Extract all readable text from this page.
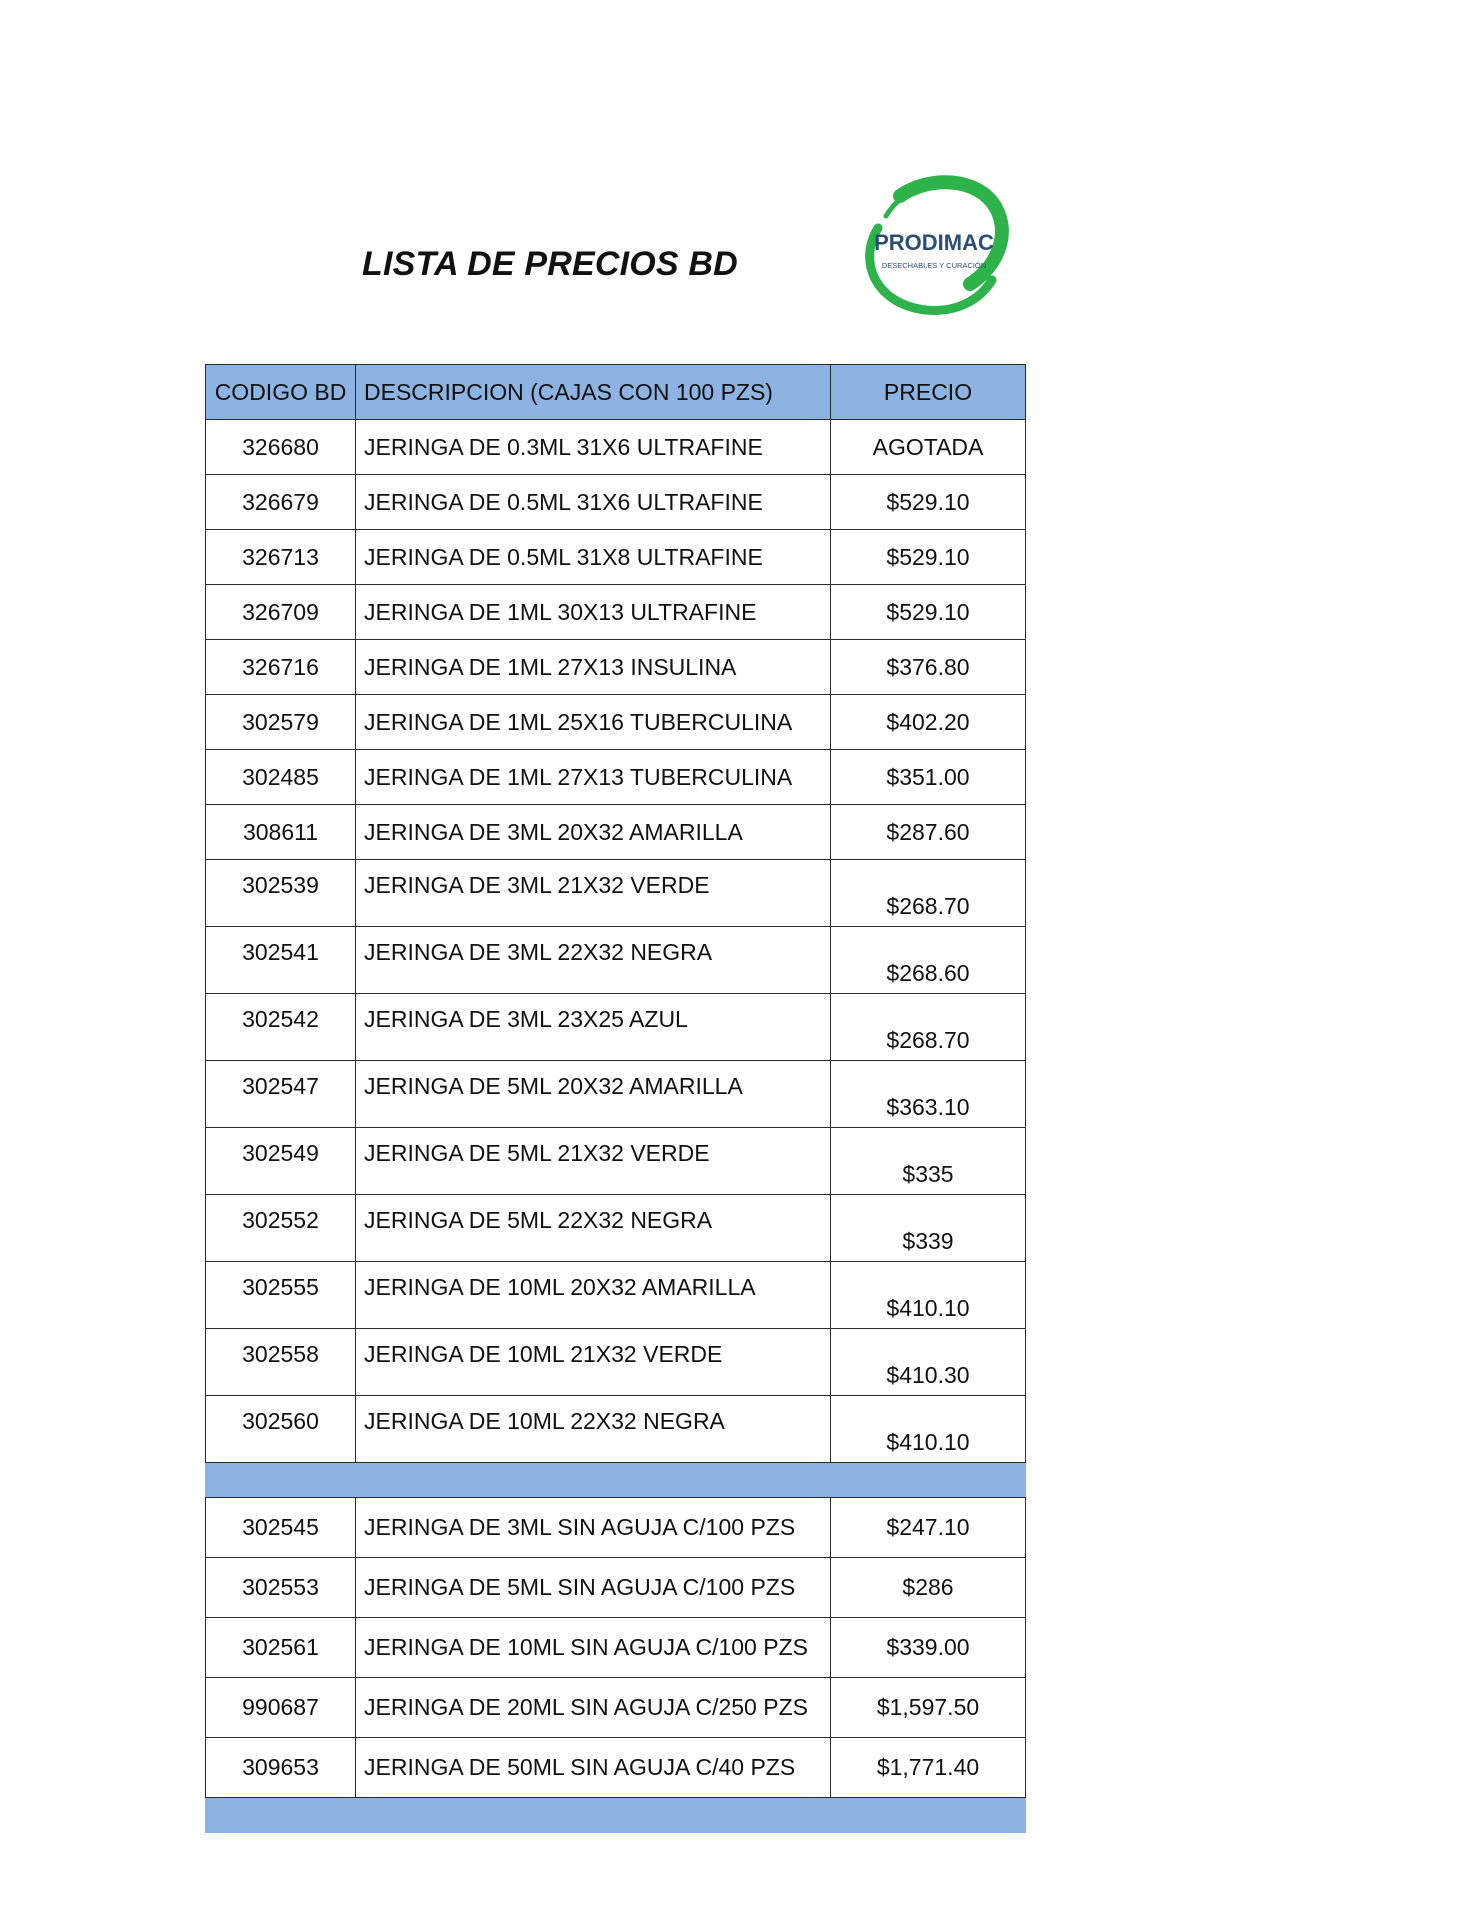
LISTA DE PRECIOS BD
PRODIMAC
DESECHABLES Y CURACIÓN
CODIGO BD	DESCRIPCION (CAJAS CON 100 PZS)	PRECIO
326680	JERINGA DE 0.3ML 31X6 ULTRAFINE	AGOTADA
326679	JERINGA DE 0.5ML 31X6 ULTRAFINE	$529.10
326713	JERINGA DE 0.5ML 31X8 ULTRAFINE	$529.10
326709	JERINGA DE 1ML 30X13 ULTRAFINE	$529.10
326716	JERINGA DE 1ML 27X13 INSULINA	$376.80
302579	JERINGA DE 1ML 25X16 TUBERCULINA	$402.20
302485	JERINGA DE 1ML 27X13 TUBERCULINA	$351.00
308611	JERINGA DE 3ML 20X32 AMARILLA	$287.60
302539	JERINGA DE 3ML 21X32 VERDE	$268.70
302541	JERINGA DE 3ML 22X32 NEGRA	$268.60
302542	JERINGA DE 3ML 23X25 AZUL	$268.70
302547	JERINGA DE 5ML 20X32 AMARILLA	$363.10
302549	JERINGA DE 5ML 21X32 VERDE	$335
302552	JERINGA DE 5ML 22X32 NEGRA	$339
302555	JERINGA DE 10ML 20X32 AMARILLA	$410.10
302558	JERINGA DE 10ML 21X32 VERDE	$410.30
302560	JERINGA DE 10ML 22X32 NEGRA	$410.10

302545	JERINGA DE 3ML SIN AGUJA C/100 PZS	$247.10
302553	JERINGA DE 5ML SIN AGUJA C/100 PZS	$286
302561	JERINGA DE 10ML SIN AGUJA C/100 PZS	$339.00
990687	JERINGA DE 20ML SIN AGUJA C/250 PZS	$1,597.50
309653	JERINGA DE 50ML SIN AGUJA C/40 PZS	$1,771.40
